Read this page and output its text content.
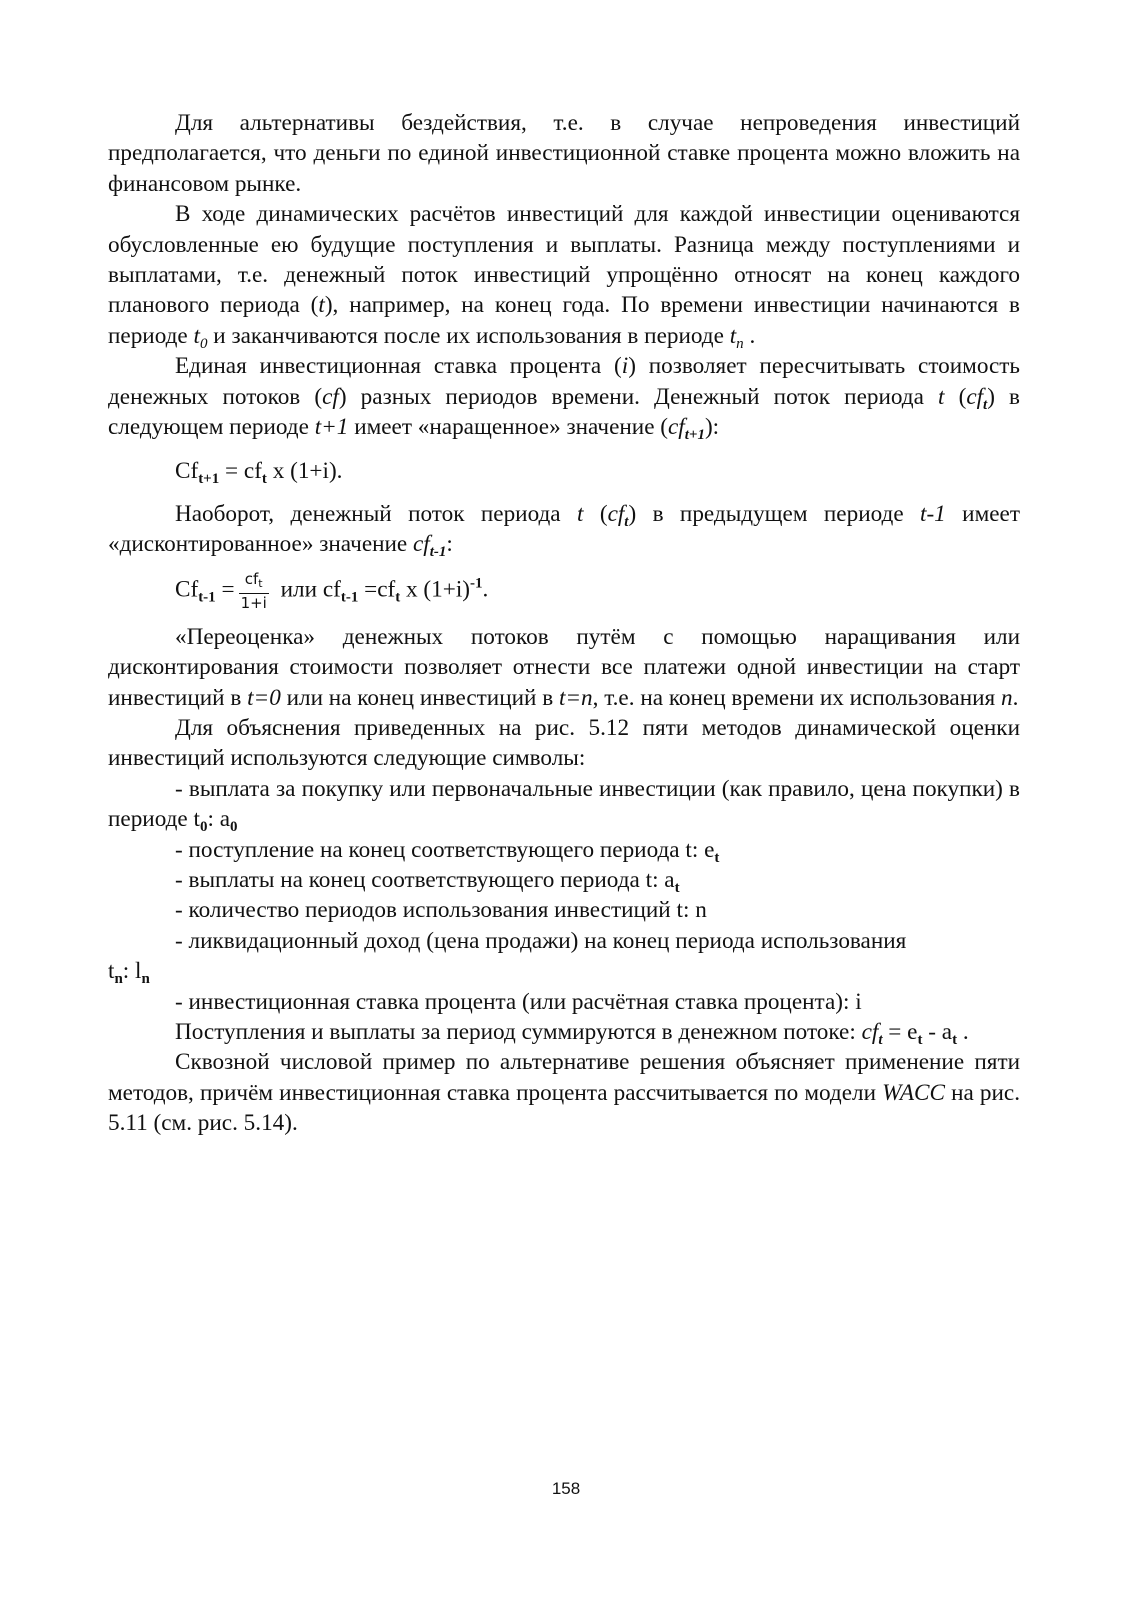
Для альтернативы бездействия, т.е. в случае непроведения инвестиций предполагается, что деньги по единой инвестиционной ставке процента можно вложить на финансовом рынке.

В ходе динамических расчётов инвестиций для каждой инвестиции оцениваются обусловленные ею будущие поступления и выплаты. Разница между поступлениями и выплатами, т.е. денежный поток инвестиций упрощённо относят на конец каждого планового периода (t), например, на конец года. По времени инвестиции начинаются в периоде $t_0$ и заканчиваются после их использования в периоде $t_n$ .

Единая инвестиционная ставка процента (i) позволяет пересчитывать стоимость денежных потоков (cf) разных периодов времени. Денежный поток периода t $(cf_t)$ в следующем периоде t+1 имеет «наращенное» значение $(cf_{t+1})$:

$Cf_{t+1} = cf_t$ x (1+i).

Наоборот, денежный поток периода t $(cf_t)$ в предыдущем периоде t-1 имеет «дисконтированное» значение $cf_{t-1}$:

$Cf_{t-1} = \frac{cf_t}{1+i}$ или $cf_{t-1} =cf_t$ x $(1+i)^{-1}$.

«Переоценка» денежных потоков путём с помощью наращивания или дисконтирования стоимости позволяет отнести все платежи одной инвестиции на старт инвестиций в t=0 или на конец инвестиций в t=n, т.е. на конец времени их использования n.

Для объяснения приведенных на рис. 5.12 пяти методов динамической оценки инвестиций используются следующие символы:

- выплата за покупку или первоначальные инвестиции (как правило, цена покупки) в периоде $t_0$: $a_0$

- поступление на конец соответствующего периода t: $e_t$

- выплаты на конец соответствующего периода t: $a_t$

- количество периодов использования инвестиций t: n

- ликвидационный доход (цена продажи) на конец периода использования

$t_n$: $l_n$

- инвестиционная ставка процента (или расчётная ставка процента): i

Поступления и выплаты за период суммируются в денежном потоке: $cf_t = e_t - a_t$ .

Сквозной числовой пример по альтернативе решения объясняет применение пяти методов, причём инвестиционная ставка процента рассчитывается по модели WACC на рис. 5.11 (см. рис. 5.14).

158
